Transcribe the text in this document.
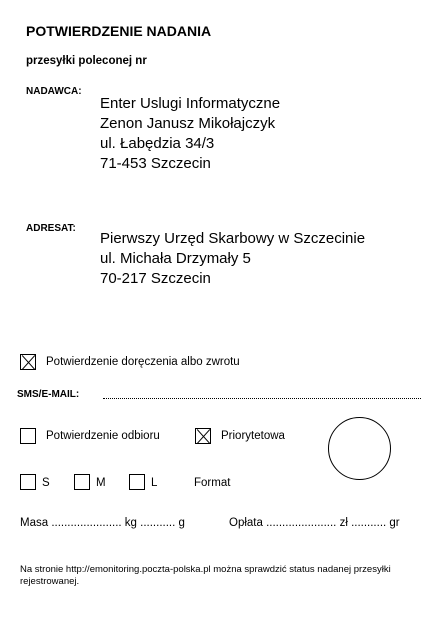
POTWIERDZENIE NADANIA
przesyłki poleconej nr
NADAWCA:
Enter Uslugi Informatyczne
Zenon Janusz Mikołajczyk
ul. Łabędzia 34/3
71-453 Szczecin
ADRESAT:
Pierwszy Urzęd Skarbowy w Szczecinie
ul. Michała Drzymały 5
70-217 Szczecin
Potwierdzenie doręczenia albo zwrotu
SMS/E-MAIL:
Potwierdzenie odbioru	Priorytetowa
S	M	L	Format
Masa ...................... kg ........... g	Opłata ...................... zł ........... gr
Na stronie http://emonitoring.poczta-polska.pl można sprawdzić status nadanej przesyłki rejestrowanej.
